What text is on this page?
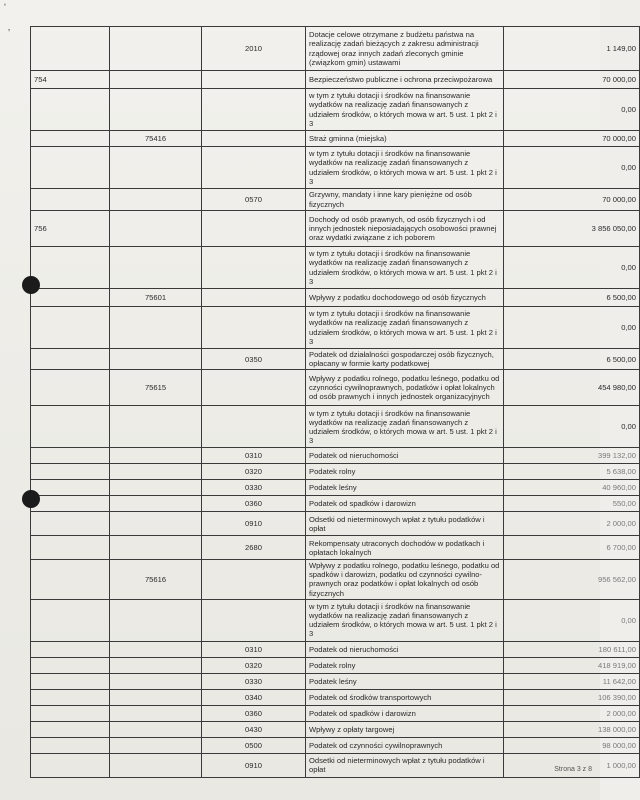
‘
‚
		2010	Dotacje celowe otrzymane z budżetu państwa na realizację zadań bieżących z zakresu administracji rządowej oraz innych zadań zleconych gminie (związkom gmin) ustawami	1 149,00
754			Bezpieczeństwo publiczne i ochrona przeciwpożarowa	70 000,00
			w tym z tytułu dotacji i środków na finansowanie wydatków na realizację zadań finansowanych z udziałem środków, o których mowa w art. 5 ust. 1 pkt 2 i 3	0,00
	75416		Straż gminna (miejska)	70 000,00
			w tym z tytułu dotacji i środków na finansowanie wydatków na realizację zadań finansowanych z udziałem środków, o których mowa w art. 5 ust. 1 pkt 2 i 3	0,00
		0570	Grzywny, mandaty i inne kary pieniężne od osób fizycznych	70 000,00
756			Dochody od osób prawnych, od osób fizycznych i od innych jednostek nieposiadających osobowości prawnej oraz wydatki związane z ich poborem	3 856 050,00
			w tym z tytułu dotacji i środków na finansowanie wydatków na realizację zadań finansowanych z udziałem środków, o których mowa w art. 5 ust. 1 pkt 2 i 3	0,00
	75601		Wpływy z podatku dochodowego od osób fizycznych	6 500,00
			w tym z tytułu dotacji i środków na finansowanie wydatków na realizację zadań finansowanych z udziałem środków, o których mowa w art. 5 ust. 1 pkt 2 i 3	0,00
		0350	Podatek od działalności gospodarczej osób fizycznych, opłacany w formie karty podatkowej	6 500,00
	75615		Wpływy z podatku rolnego, podatku leśnego, podatku od czynności cywilnoprawnych, podatków i opłat lokalnych od osób prawnych i innych jednostek organizacyjnych	454 980,00
			w tym z tytułu dotacji i środków na finansowanie wydatków na realizację zadań finansowanych z udziałem środków, o których mowa w art. 5 ust. 1 pkt 2 i 3	0,00
		0310	Podatek od nieruchomości	399 132,00
		0320	Podatek rolny	5 638,00
		0330	Podatek leśny	40 960,00
		0360	Podatek od spadków i darowizn	550,00
		0910	Odsetki od nieterminowych wpłat z tytułu podatków i opłat	2 000,00
		2680	Rekompensaty utraconych dochodów w podatkach i opłatach lokalnych	6 700,00
	75616		Wpływy z podatku rolnego, podatku leśnego, podatku od spadków i darowizn, podatku od czynności cywilno-prawnych oraz podatków i opłat lokalnych od osób fizycznych	956 562,00
			w tym z tytułu dotacji i środków na finansowanie wydatków na realizację zadań finansowanych z udziałem środków, o których mowa w art. 5 ust. 1 pkt 2 i 3	0,00
		0310	Podatek od nieruchomości	180 611,00
		0320	Podatek rolny	418 919,00
		0330	Podatek leśny	11 642,00
		0340	Podatek od środków transportowych	106 390,00
		0360	Podatek od spadków i darowizn	2 000,00
		0430	Wpływy z opłaty targowej	138 000,00
		0500	Podatek od czynności cywilnoprawnych	98 000,00
		0910	Odsetki od nieterminowych wpłat z tytułu podatków i opłat	1 000,00
Strona 3 z 8
